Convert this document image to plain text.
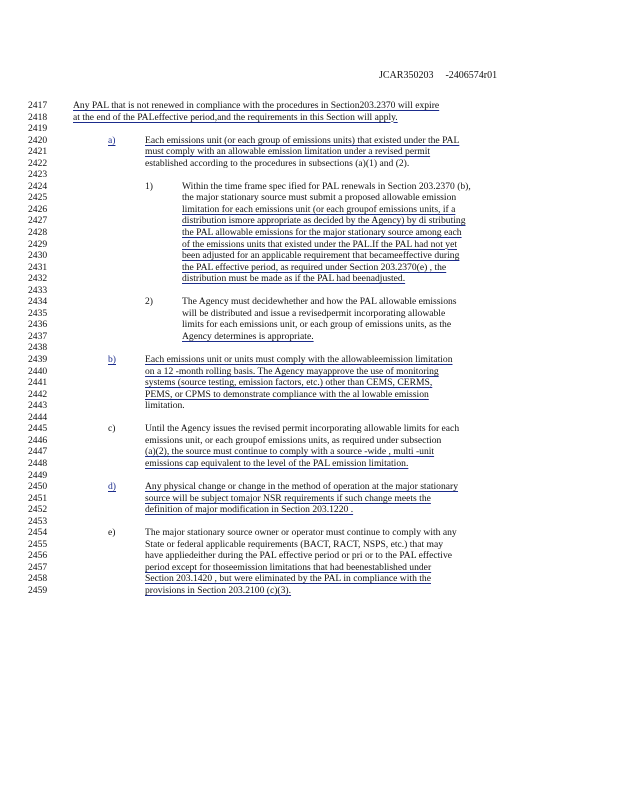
JCAR350203 -2406574r01
2417	Any PAL that is not renewed in compliance with the procedures in Section203.2370 will expire
2418	at the end of the PALeffective period,and the requirements in this Section will apply.
2419
2420	a)	Each emissions unit (or each group of emissions units) that existed under the PAL
2421	must comply with an allowable emission limitation under a revised permit
2422	established according to the procedures in subsections (a)(1) and (2).
2423
2424	1)	Within the time frame spec ified for PAL renewals in Section 203.2370 (b),
2425	the major stationary source must submit a proposed allowable emission
2426	limitation for each emissions unit (or each groupof emissions units, if a
2427	distribution ismore appropriate as decided by the Agency) by di stributing
2428	the PAL allowable emissions for the major stationary source among each
2429	of the emissions units that existed under the PAL.If the PAL had not yet
2430	been adjusted for an applicable requirement that becameeffective during
2431	the PAL effective period, as required under Section 203.2370(e) , the
2432	distribution must be made as if the PAL had beenadjusted.
2433
2434	2)	The Agency must decidewhether and how the PAL allowable emissions
2435	will be distributed and issue a revisedpermit incorporating allowable
2436	limits for each emissions unit, or each group of emissions units, as the
2437	Agency determines is appropriate.
2438
2439	b)	Each emissions unit or units must comply with the allowableemission limitation
2440	on a 12 -month rolling basis. The Agency mayapprove the use of monitoring
2441	systems (source testing, emission factors, etc.) other than CEMS, CERMS,
2442	PEMS, or CPMS to demonstrate compliance with the al lowable emission
2443	limitation.
2444
2445	c)	Until the Agency issues the revised permit incorporating allowable limits for each
2446	emissions unit, or each groupof emissions units, as required under subsection
2447	(a)(2), the source must continue to comply with a source -wide , multi -unit
2448	emissions cap equivalent to the level of the PAL emission limitation.
2449
2450	d)	Any physical change or change in the method of operation at the major stationary
2451	source will be subject tomajor NSR requirements if such change meets the
2452	definition of major modification in Section 203.1220 .
2453
2454	e)	The major stationary source owner or operator must continue to comply with any
2455	State or federal applicable requirements (BACT, RACT, NSPS, etc.) that may
2456	have appliedeither during the PAL effective period or pri or to the PAL effective
2457	period except for thoseemission limitations that had beenestablished under
2458	Section 203.1420 , but were eliminated by the PAL in compliance with the
2459	provisions in Section 203.2100 (c)(3).
